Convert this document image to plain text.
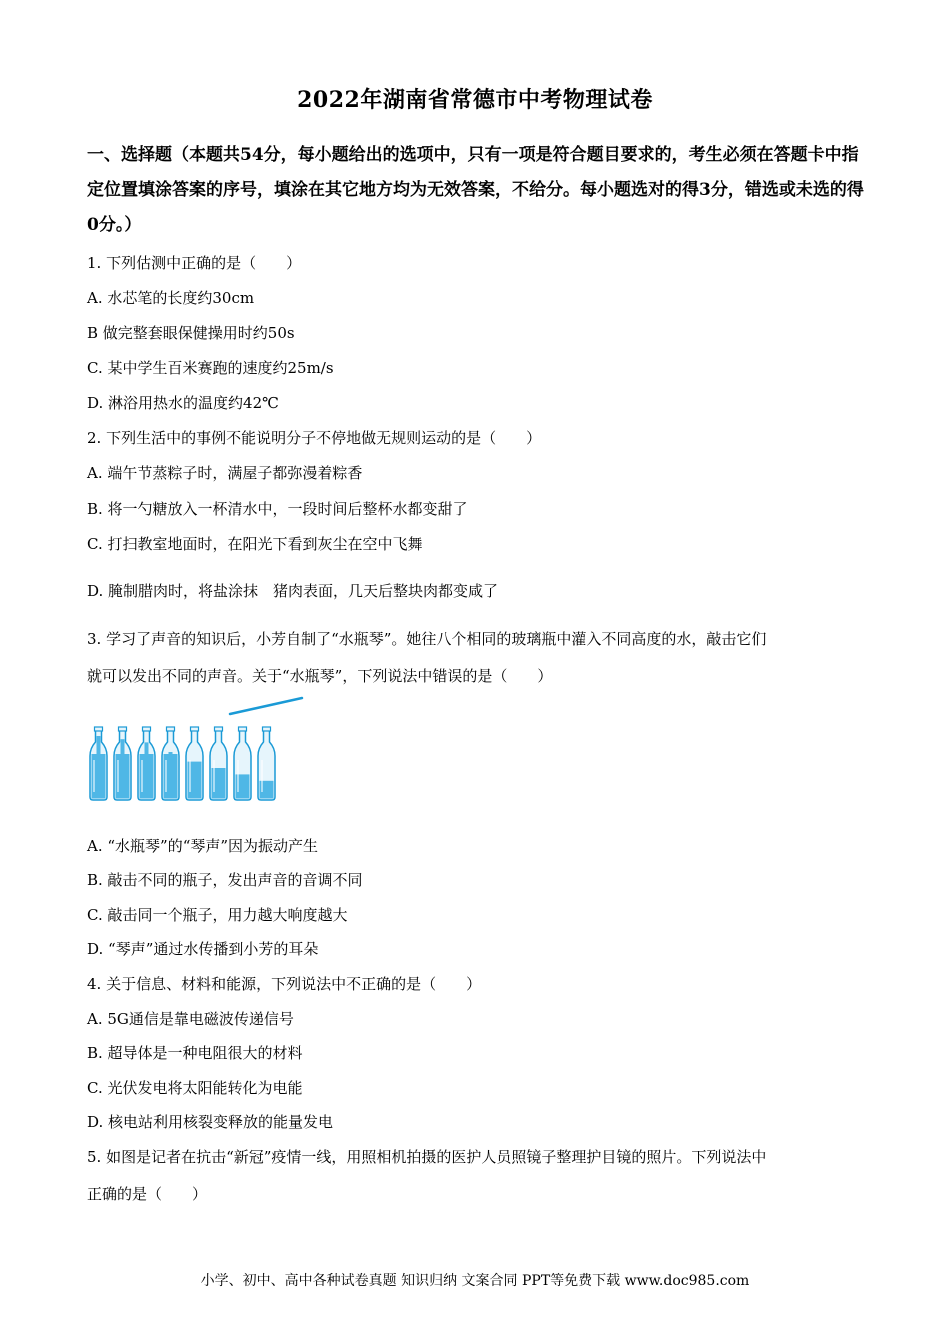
2022年湖南省常德市中考物理试卷
一、选择题（本题共54分，每小题给出的选项中，只有一项是符合题目要求的，考生必须在答题卡中指定位置填涂答案的序号，填涂在其它地方均为无效答案，不给分。每小题选对的得3分，错选或未选的得0分。）
1. 下列估测中正确的是（　　）
A. 水芯笔的长度约30cm
B 做完整套眼保健操用时约50s
C. 某中学生百米赛跑的速度约25m/s
D. 淋浴用热水的温度约42℃
2. 下列生活中的事例不能说明分子不停地做无规则运动的是（　　）
A. 端午节蒸粽子时，满屋子都弥漫着粽香
B. 将一勺糖放入一杯清水中，一段时间后整杯水都变甜了
C. 打扫教室地面时，在阳光下看到灰尘在空中飞舞
D. 腌制腊肉时，将盐涂抹　猪肉表面，几天后整块肉都变咸了
3. 学习了声音的知识后，小芳自制了“水瓶琴”。她往八个相同的玻璃瓶中灌入不同高度的水，敲击它们
就可以发出不同的声音。关于“水瓶琴”，下列说法中错误的是（　　）
A. “水瓶琴”的“琴声”因为振动产生
B. 敲击不同的瓶子，发出声音的音调不同
C. 敲击同一个瓶子，用力越大响度越大
D. “琴声”通过水传播到小芳的耳朵
4. 关于信息、材料和能源，下列说法中不正确的是（　　）
A. 5G通信是靠电磁波传递信号
B. 超导体是一种电阻很大的材料
C. 光伏发电将太阳能转化为电能
D. 核电站利用核裂变释放的能量发电
5. 如图是记者在抗击“新冠”疫情一线，用照相机拍摄的医护人员照镜子整理护目镜的照片。下列说法中
正确的是（　　）
小学、初中、高中各种试卷真题 知识归纳 文案合同 PPT等免费下载 www.doc985.com
